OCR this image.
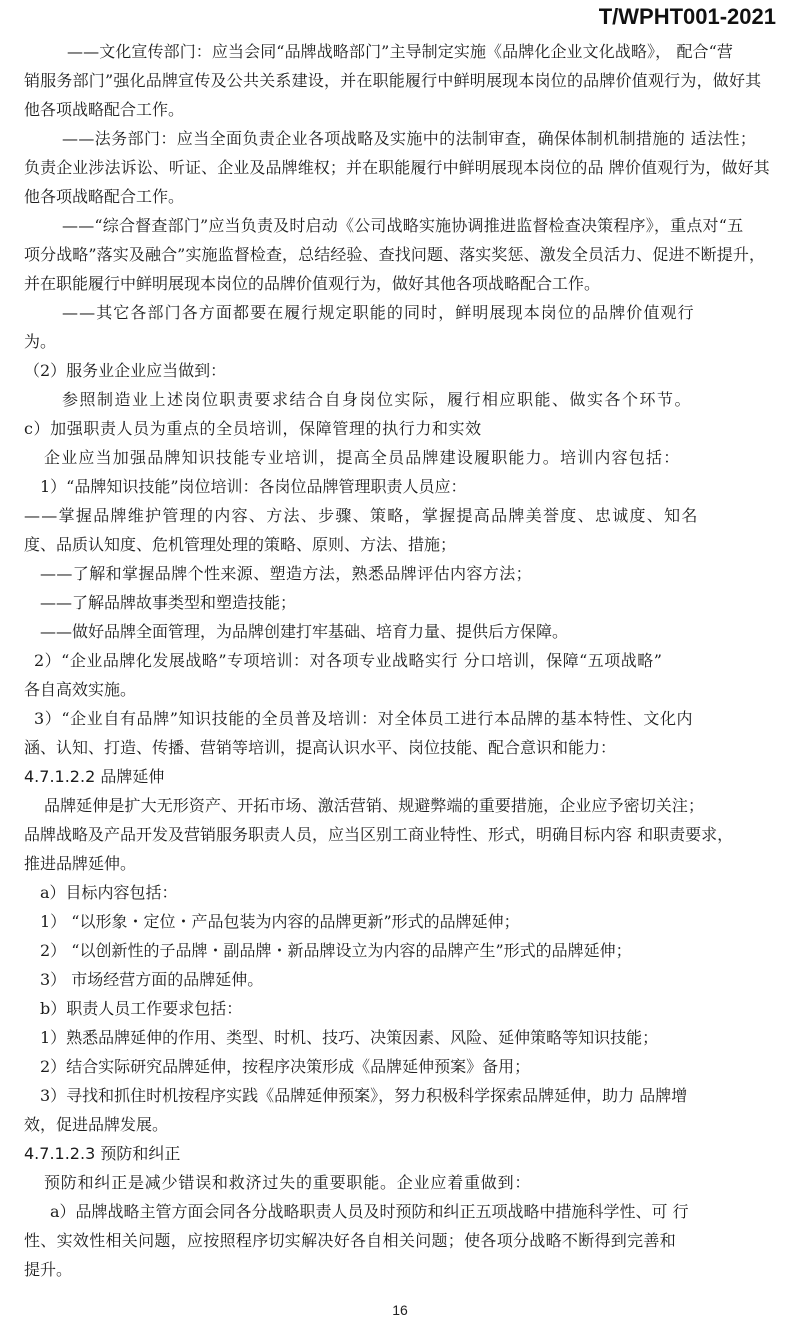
T/WPHT001-2021
——文化宣传部门：应当会同“品牌战略部门”主导制定实施《品牌化企业文化战略》， 配合“营
销服务部门”强化品牌宣传及公共关系建设，并在职能履行中鲜明展现本岗位的品牌价值观行为，做好其
他各项战略配合工作。
——法务部门：应当全面负责企业各项战略及实施中的法制审查，确保体制机制措施的 适法性；
负责企业涉法诉讼、听证、企业及品牌维权；并在职能履行中鲜明展现本岗位的品 牌价值观行为，做好其
他各项战略配合工作。
——“综合督查部门”应当负责及时启动《公司战略实施协调推进监督检查决策程序》，重点对“五
项分战略”落实及融合”实施监督检查，总结经验、查找问题、落实奖惩、激发全员活力、促进不断提升，
并在职能履行中鲜明展现本岗位的品牌价值观行为，做好其他各项战略配合工作。
——其它各部门各方面都要在履行规定职能的同时，鲜明展现本岗位的品牌价值观行
为。
（2）服务业企业应当做到：
参照制造业上述岗位职责要求结合自身岗位实际，履行相应职能、做实各个环节。
c）加强职责人员为重点的全员培训，保障管理的执行力和实效
企业应当加强品牌知识技能专业培训，提高全员品牌建设履职能力。培训内容包括：
1）“品牌知识技能”岗位培训：各岗位品牌管理职责人员应：
——掌握品牌维护管理的内容、方法、步骤、策略，掌握提高品牌美誉度、忠诚度、知名
度、品质认知度、危机管理处理的策略、原则、方法、措施；
——了解和掌握品牌个性来源、塑造方法，熟悉品牌评估内容方法；
——了解品牌故事类型和塑造技能；
——做好品牌全面管理，为品牌创建打牢基础、培育力量、提供后方保障。
2）“企业品牌化发展战略”专项培训：对各项专业战略实行 分口培训，保障“五项战略”
各自高效实施。
3）“企业自有品牌”知识技能的全员普及培训：对全体员工进行本品牌的基本特性、文化内
涵、认知、打造、传播、营销等培训，提高认识水平、岗位技能、配合意识和能力：
4.7.1.2.2 品牌延伸
品牌延伸是扩大无形资产、开拓市场、激活营销、规避弊端的重要措施，企业应予密切关注；
品牌战略及产品开发及营销服务职责人员，应当区别工商业特性、形式，明确目标内容 和职责要求，
推进品牌延伸。
a）目标内容包括：
1） “以形象・定位・产品包装为内容的品牌更新”形式的品牌延伸；
2） “以创新性的子品牌・副品牌・新品牌设立为内容的品牌产生”形式的品牌延伸；
3） 市场经营方面的品牌延伸。
b）职责人员工作要求包括：
1）熟悉品牌延伸的作用、类型、时机、技巧、决策因素、风险、延伸策略等知识技能；
2）结合实际研究品牌延伸，按程序决策形成《品牌延伸预案》备用；
3）寻找和抓住时机按程序实践《品牌延伸预案》，努力积极科学探索品牌延伸，助力 品牌增
效，促进品牌发展。
4.7.1.2.3 预防和纠正
预防和纠正是减少错误和救济过失的重要职能。企业应着重做到：
a）品牌战略主管方面会同各分战略职责人员及时预防和纠正五项战略中措施科学性、可 行
性、实效性相关问题，应按照程序切实解决好各自相关问题；使各项分战略不断得到完善和
提升。
16
